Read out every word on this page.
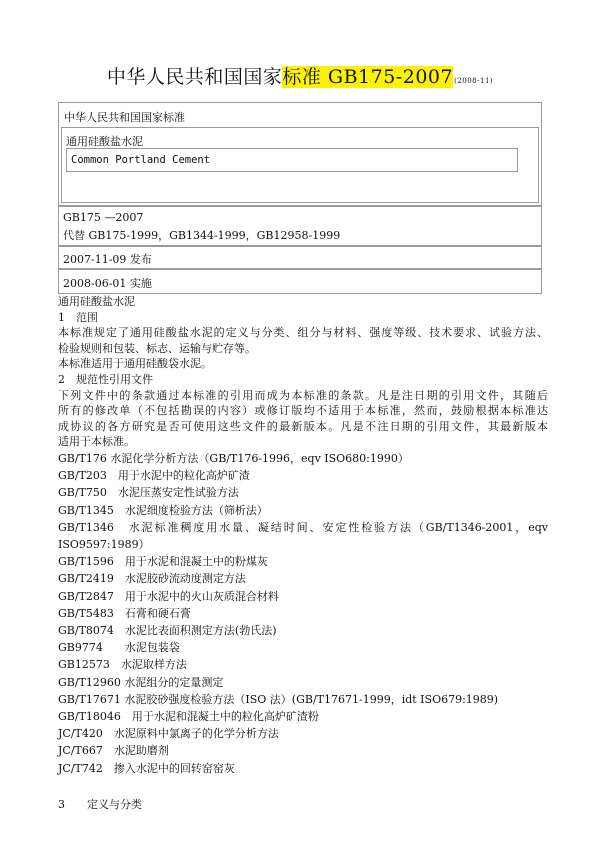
中华人民共和国国家标准 GB175-2007(2008-11)
中华人民共和国国家标准
通用硅酸盐水泥
Common Portland Cement
GB175 —2007
代替 GB175-1999，GB1344-1999，GB12958-1999
2007-11-09 发布
2008-06-01 实施

通用硅酸盐水泥

1　范围

本标准规定了通用硅酸盐水泥的定义与分类、组分与材料、强度等级、技术要求、试验方法、

检验规则和包装、标志、运输与贮存等。

本标准适用于通用硅酸袋水泥。

2　规范性引用文件

下列文件中的条款通过本标准的引用而成为本标准的条款。凡是注日期的引用文件，其随后

所有的修改单（不包括勘误的内容）或修订版均不适用于本标准，然而，鼓励根据本标准达

成协议的各方研究是否可使用这些文件的最新版本。凡是不注日期的引用文件，其最新版本

适用于本标准。

GB/T176 水泥化学分析方法（GB/T176-1996，eqv ISO680:1990）

GB/T203　用于水泥中的粒化高炉矿渣

GB/T750　水泥压蒸安定性试验方法

GB/T1345　水泥细度检验方法（筛析法）

GB/T1346　水泥标准稠度用水量、凝结时间、安定性检验方法（GB/T1346-2001，eqv ISO9597:1989）

GB/T1596　用于水泥和混凝土中的粉煤灰

GB/T2419　水泥胶砂流动度测定方法

GB/T2847　用于水泥中的火山灰质混合材料

GB/T5483　石膏和硬石膏

GB/T8074　水泥比表面积测定方法(勃氏法)

GB9774　　水泥包装袋

GB12573　水泥取样方法

GB/T12960 水泥组分的定量测定

GB/T17671 水泥胶砂强度检验方法（ISO 法）(GB/T17671-1999，idt ISO679:1989)

GB/T18046　用于水泥和混凝土中的粒化高炉矿渣粉

JC/T420　水泥原料中氯离子的化学分析方法

JC/T667　水泥助磨剂

JC/T742　掺入水泥中的回转窑窑灰

3　　定义与分类
